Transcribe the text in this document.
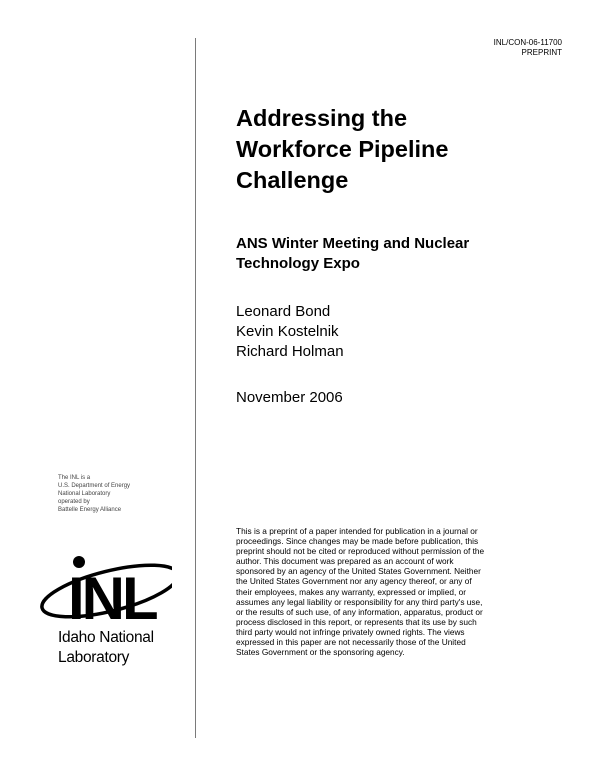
INL/CON-06-11700
PREPRINT
Addressing the
Workforce Pipeline
Challenge
ANS Winter Meeting and Nuclear
Technology Expo
Leonard Bond
Kevin Kostelnik
Richard Holman
November 2006

The INL is a
U.S. Department of Energy
National Laboratory
operated by
Battelle Energy Alliance

INL
Idaho National
Laboratory

This is a preprint of a paper intended for publication in a journal or
proceedings. Since changes may be made before publication, this
preprint should not be cited or reproduced without permission of the
author. This document was prepared as an account of work
sponsored by an agency of the United States Government. Neither
the United States Government nor any agency thereof, or any of
their employees, makes any warranty, expressed or implied, or
assumes any legal liability or responsibility for any third party's use,
or the results of such use, of any information, apparatus, product or
process disclosed in this report, or represents that its use by such
third party would not infringe privately owned rights. The views
expressed in this paper are not necessarily those of the United
States Government or the sponsoring agency.
